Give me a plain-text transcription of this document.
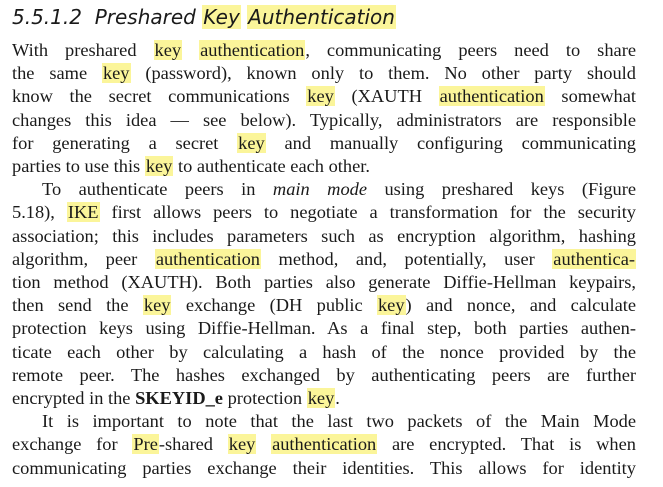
5.5.1.2 Preshared Key Authentication
With preshared key authentication, communicating peers need to share
the same key (password), known only to them. No other party should
know the secret communications key (XAUTH authentication somewhat
changes this idea — see below). Typically, administrators are responsible
for generating a secret key and manually configuring communicating
parties to use this key to authenticate each other.
To authenticate peers in main mode using preshared keys (Figure
5.18), IKE first allows peers to negotiate a transformation for the security
association; this includes parameters such as encryption algorithm, hashing
algorithm, peer authentication method, and, potentially, user authentica-
tion method (XAUTH). Both parties also generate Diffie-Hellman keypairs,
then send the key exchange (DH public key) and nonce, and calculate
protection keys using Diffie-Hellman. As a final step, both parties authen-
ticate each other by calculating a hash of the nonce provided by the
remote peer. The hashes exchanged by authenticating peers are further
encrypted in the SKEYID_e protection key.
It is important to note that the last two packets of the Main Mode
exchange for Pre-shared key authentication are encrypted. That is when
communicating parties exchange their identities. This allows for identity
